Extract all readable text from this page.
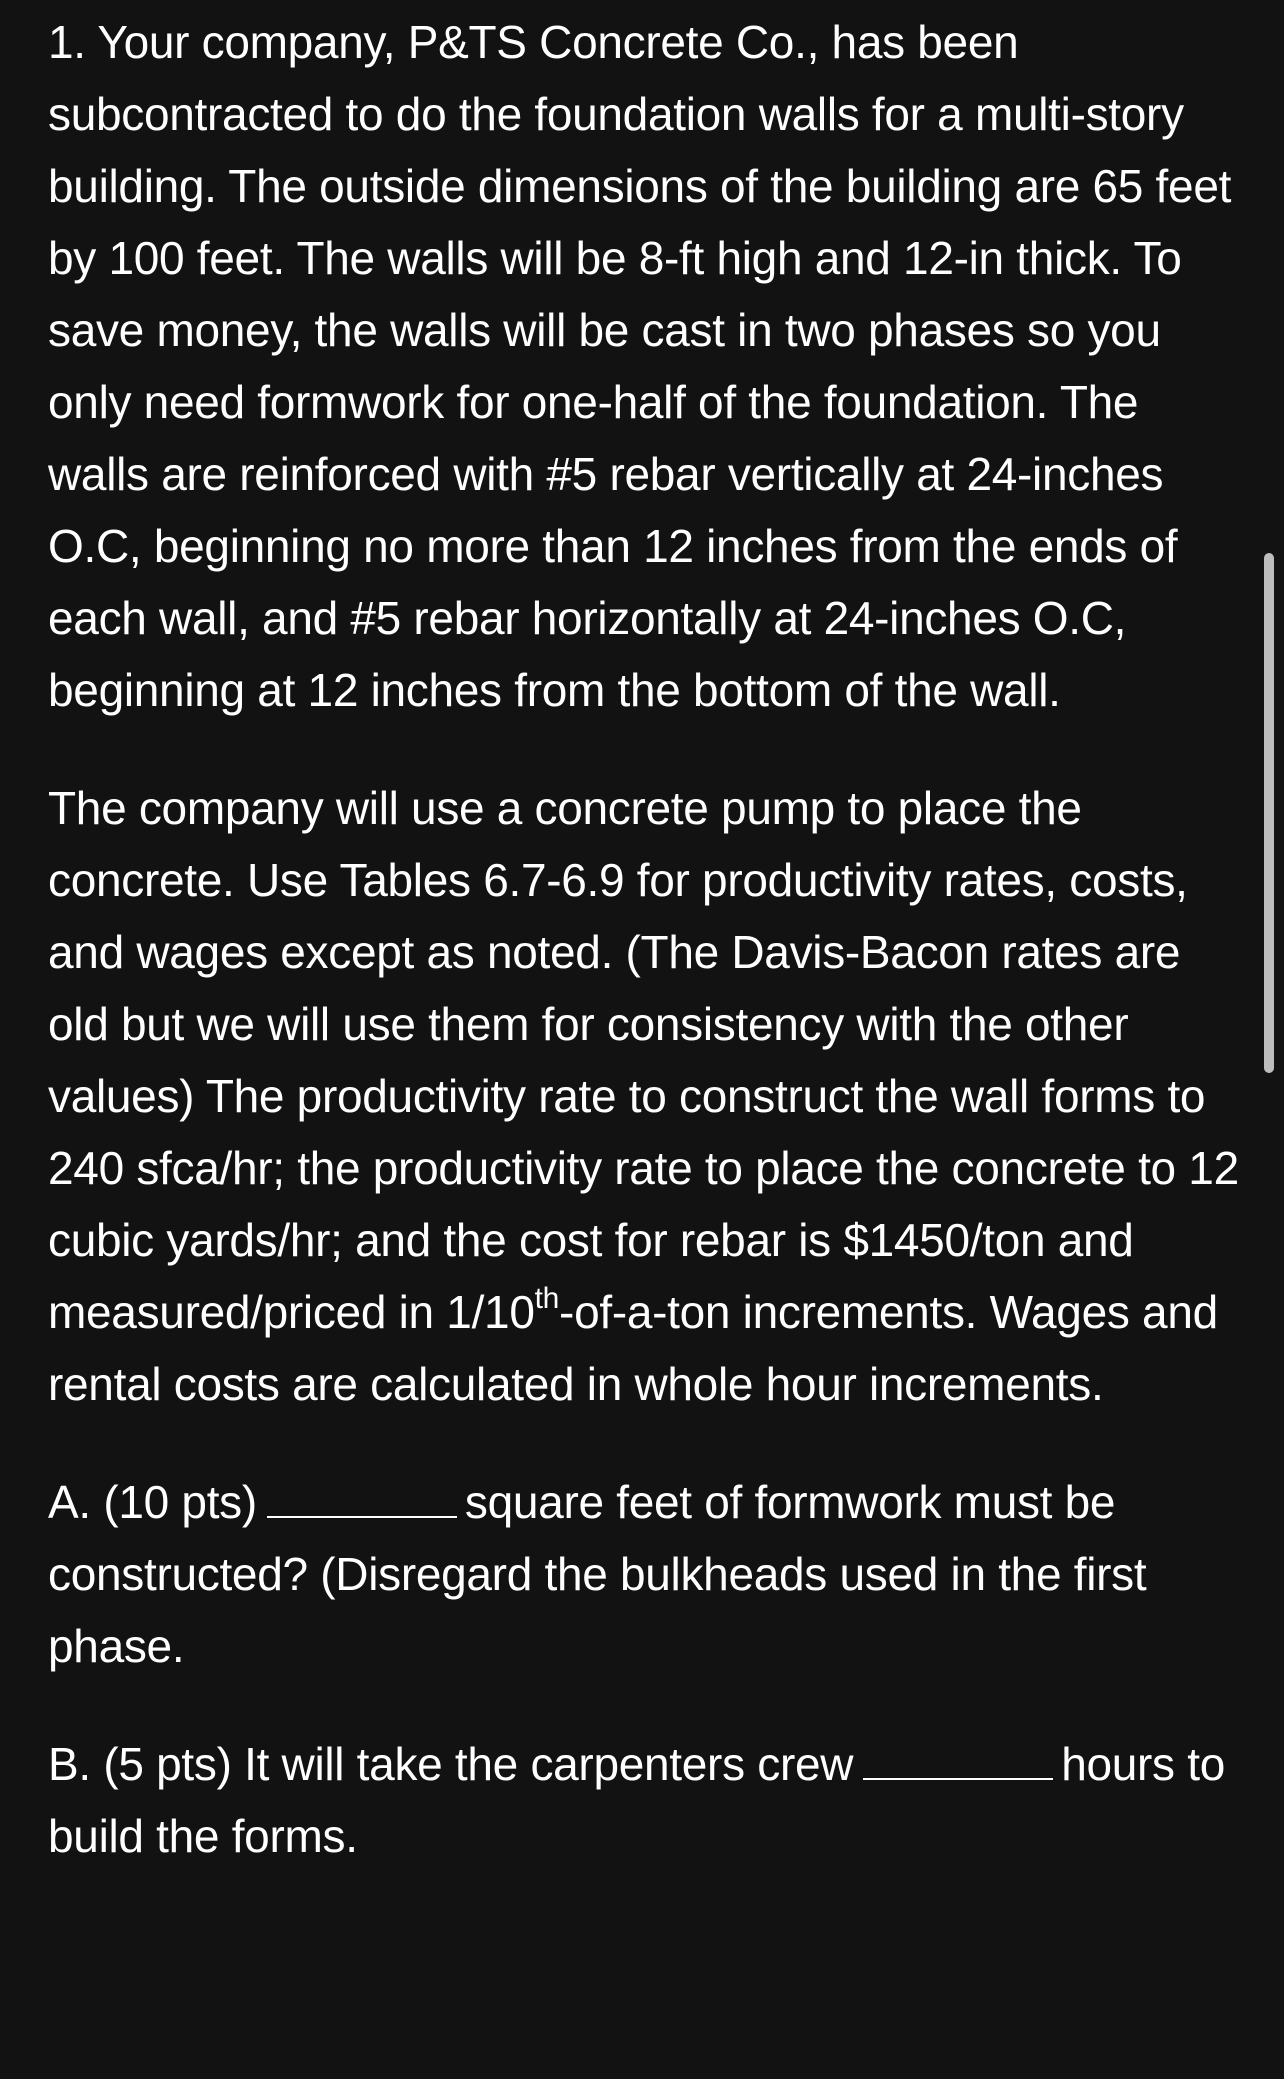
1. Your company, P&TS Concrete Co., has been subcontracted to do the foundation walls for a multi-story building. The outside dimensions of the building are 65 feet by 100 feet. The walls will be 8-ft high and 12-in thick. To save money, the walls will be cast in two phases so you only need formwork for one-half of the foundation. The walls are reinforced with #5 rebar vertically at 24-inches O.C, beginning no more than 12 inches from the ends of each wall, and #5 rebar horizontally at 24-inches O.C, beginning at 12 inches from the bottom of the wall.

The company will use a concrete pump to place the concrete. Use Tables 6.7-6.9 for productivity rates, costs, and wages except as noted. (The Davis-Bacon rates are old but we will use them for consistency with the other values) The productivity rate to construct the wall forms to 240 sfca/hr; the productivity rate to place the concrete to 12 cubic yards/hr; and the cost for rebar is $1450/ton and measured/priced in 1/10th-of-a-ton increments. Wages and rental costs are calculated in whole hour increments.

A. (10 pts)	square feet of formwork must be constructed? (Disregard the bulkheads used in the first phase.

B. (5 pts) It will take the carpenters crew	hours to build the forms.
